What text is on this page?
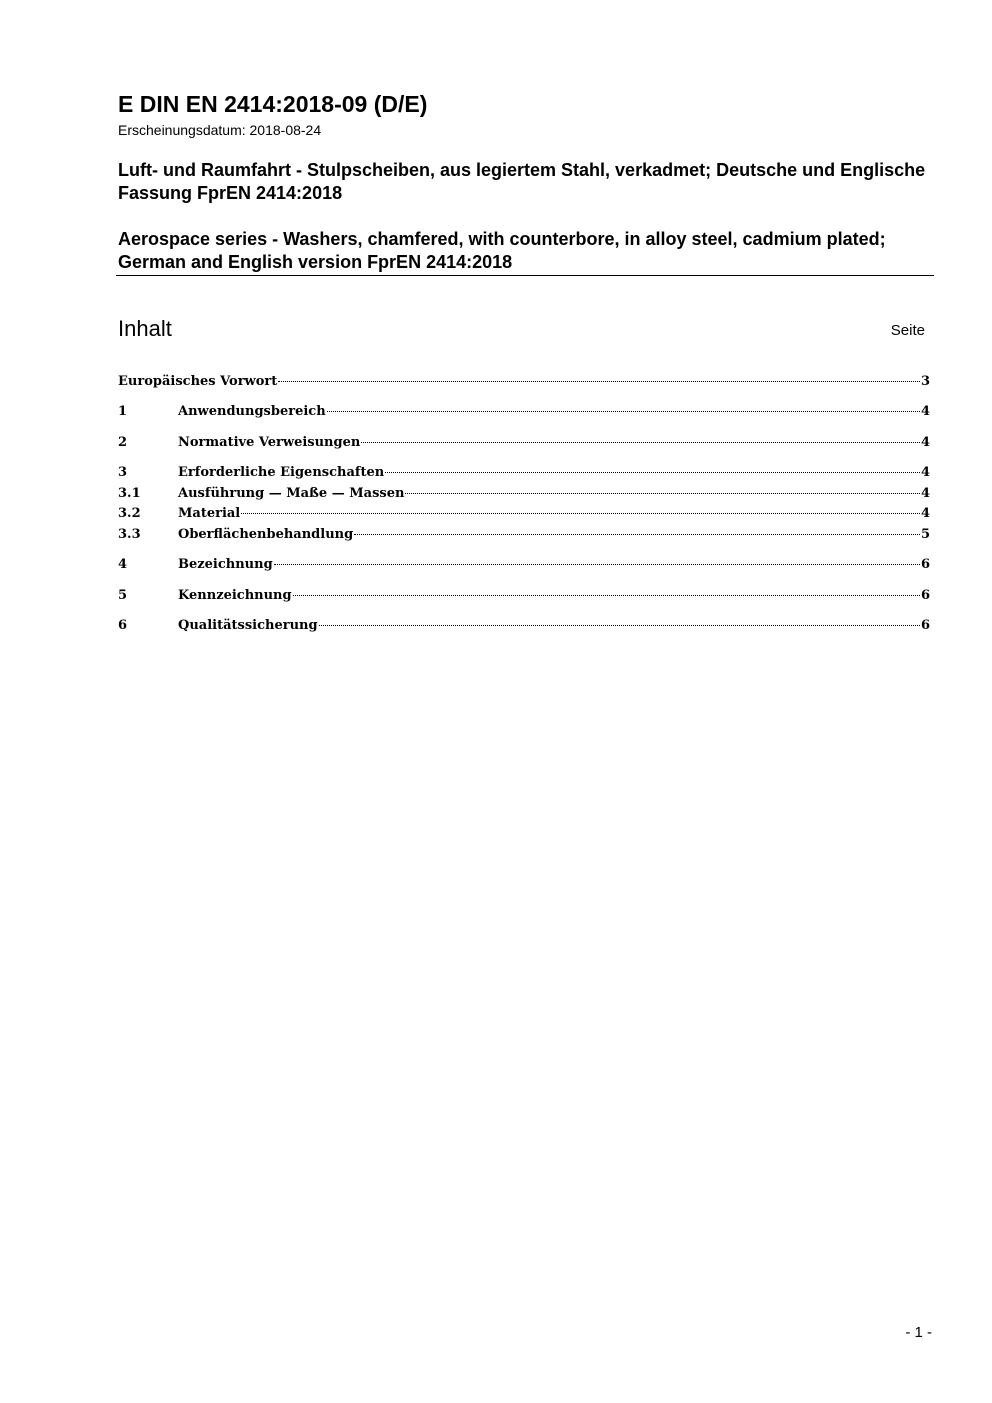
E DIN EN 2414:2018-09 (D/E)
Erscheinungsdatum: 2018-08-24
Luft- und Raumfahrt - Stulpscheiben, aus legiertem Stahl, verkadmet; Deutsche und Englische Fassung FprEN 2414:2018
Aerospace series - Washers, chamfered, with counterbore, in alloy steel, cadmium plated; German and English version FprEN 2414:2018
Inhalt	Seite
Europäisches Vorwort	3
1	Anwendungsbereich	4
2	Normative Verweisungen	4
3	Erforderliche Eigenschaften	4
3.1	Ausführung — Maße — Massen	4
3.2	Material	4
3.3	Oberflächenbehandlung	5
4	Bezeichnung	6
5	Kennzeichnung	6
6	Qualitätssicherung	6
- 1 -
